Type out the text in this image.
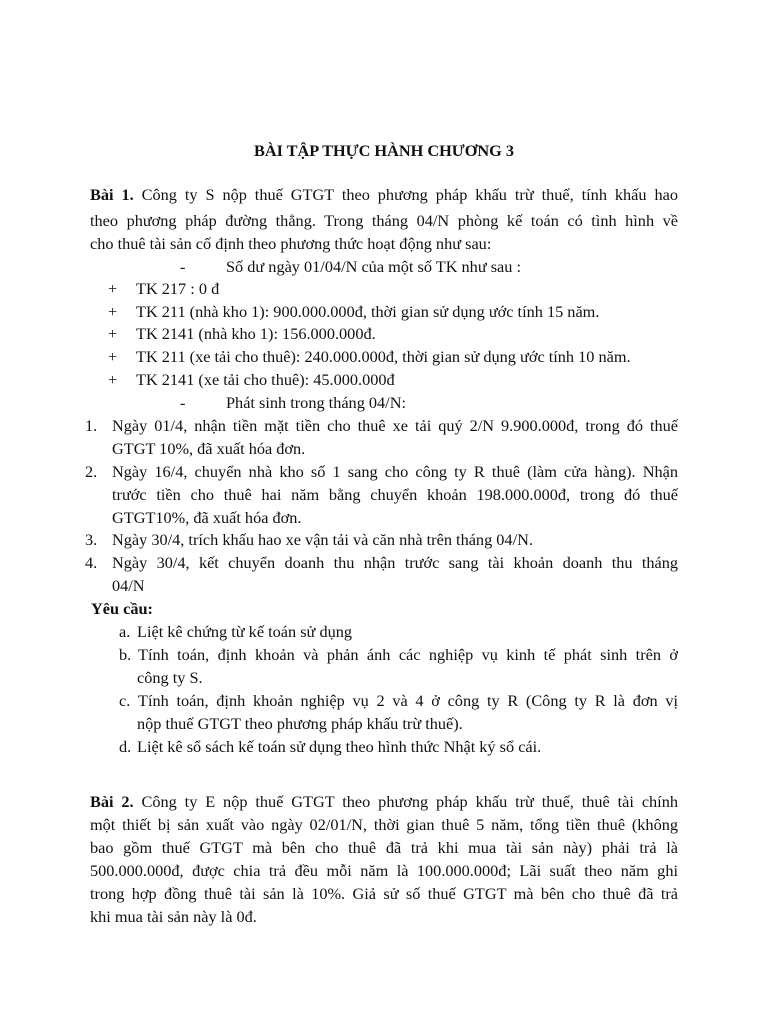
BÀI TẬP THỰC HÀNH CHƯƠNG 3
Bài 1. Công ty S nộp thuế GTGT theo phương pháp khấu trừ thuế, tính khấu hao
theo phương pháp đường thẳng. Trong tháng 04/N phòng kế toán có tình hình về
cho thuê tài sản cố định theo phương thức hoạt động như sau:
- Số dư ngày 01/04/N của một số TK như sau :
+ TK 217 : 0 đ
+ TK 211 (nhà kho 1): 900.000.000đ, thời gian sử dụng ước tính 15 năm.
+ TK 2141 (nhà kho 1): 156.000.000đ.
+ TK 211 (xe tải cho thuê): 240.000.000đ, thời gian sử dụng ước tính 10 năm.
+ TK 2141 (xe tải cho thuê): 45.000.000đ
- Phát sinh trong tháng 04/N:
1. Ngày 01/4, nhận tiền mặt tiền cho thuê xe tải quý 2/N 9.900.000đ, trong đó thuế
GTGT 10%, đã xuất hóa đơn.
2. Ngày 16/4, chuyển nhà kho số 1 sang cho công ty R thuê (làm cửa hàng). Nhận
trước tiền cho thuê hai năm bằng chuyển khoản 198.000.000đ, trong đó thuế
GTGT10%, đã xuất hóa đơn.
3. Ngày 30/4, trích khấu hao xe vận tải và căn nhà trên tháng 04/N.
4. Ngày 30/4, kết chuyển doanh thu nhận trước sang tài khoản doanh thu tháng
04/N
Yêu cầu:
a. Liệt kê chứng từ kế toán sử dụng
b. Tính toán, định khoản và phản ánh các nghiệp vụ kinh tế phát sinh trên ở
công ty S.
c. Tính toán, định khoản nghiệp vụ 2 và 4 ở công ty R (Công ty R là đơn vị
nộp thuế GTGT theo phương pháp khấu trừ thuế).
d. Liệt kê sổ sách kế toán sử dụng theo hình thức Nhật ký sổ cái.
Bài 2. Công ty E nộp thuế GTGT theo phương pháp khấu trừ thuế, thuê tài chính
một thiết bị sản xuất vào ngày 02/01/N, thời gian thuê 5 năm, tổng tiền thuê (không
bao gồm thuế GTGT mà bên cho thuê đã trả khi mua tài sản này) phải trả là
500.000.000đ, được chia trả đều mỗi năm là 100.000.000đ; Lãi suất theo năm ghi
trong hợp đồng thuê tài sản là 10%. Giả sử số thuế GTGT mà bên cho thuê đã trả
khi mua tài sản này là 0đ.
